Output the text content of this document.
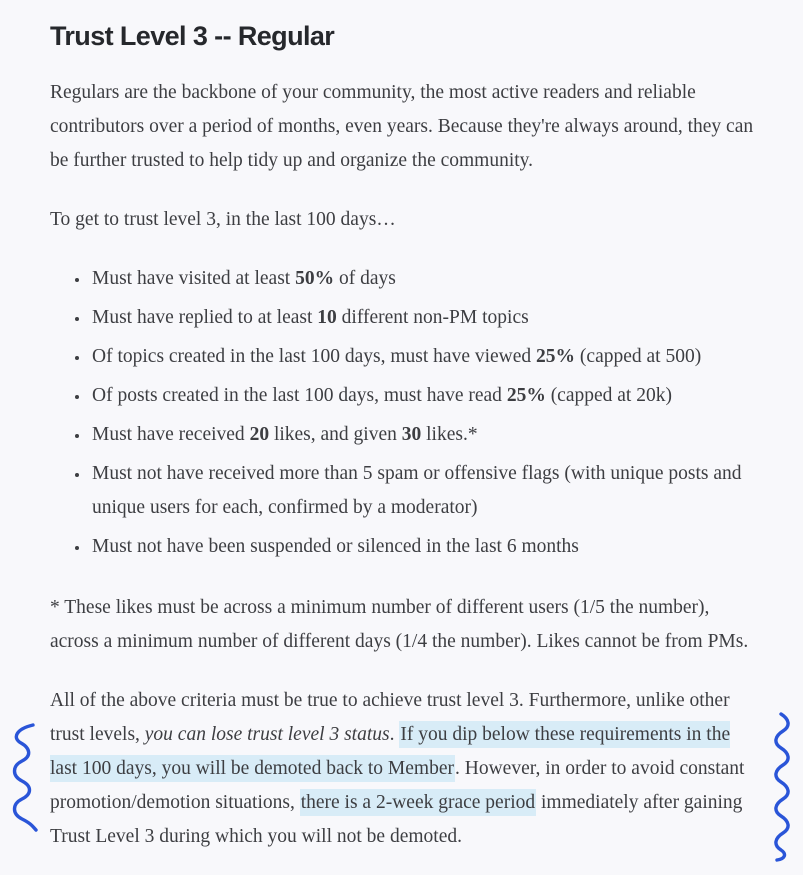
Trust Level 3 -- Regular

Regulars are the backbone of your community, the most active readers and reliable contributors over a period of months, even years. Because they're always around, they can be further trusted to help tidy up and organize the community.

To get to trust level 3, in the last 100 days…

• Must have visited at least 50% of days
• Must have replied to at least 10 different non-PM topics
• Of topics created in the last 100 days, must have viewed 25% (capped at 500)
• Of posts created in the last 100 days, must have read 25% (capped at 20k)
• Must have received 20 likes, and given 30 likes.*
• Must not have received more than 5 spam or offensive flags (with unique posts and unique users for each, confirmed by a moderator)
• Must not have been suspended or silenced in the last 6 months

* These likes must be across a minimum number of different users (1/5 the number), across a minimum number of different days (1/4 the number). Likes cannot be from PMs.

All of the above criteria must be true to achieve trust level 3. Furthermore, unlike other trust levels, you can lose trust level 3 status. If you dip below these requirements in the last 100 days, you will be demoted back to Member. However, in order to avoid constant promotion/demotion situations, there is a 2-week grace period immediately after gaining Trust Level 3 during which you will not be demoted.
